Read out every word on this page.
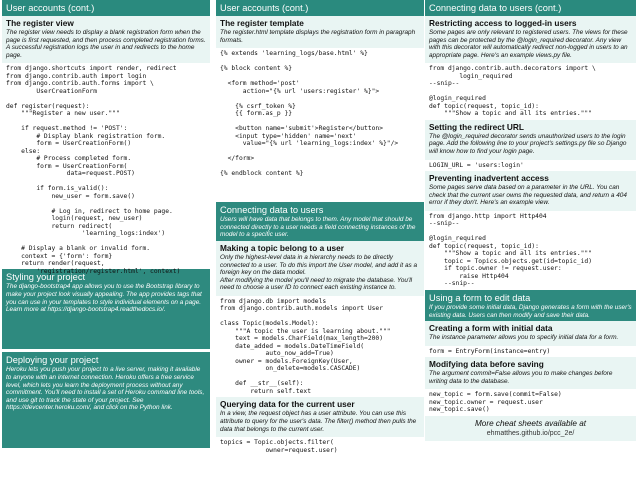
User accounts (cont.)
The register view
The register view needs to display a blank registration form when the page is first requested, and then process completed registration forms. A successful registration logs the user in and redirects to the home page.
from django.shortcuts import render, redirect
from django.contrib.auth import login
from django.contrib.auth.forms import \
UserCreationForm

def register(request):
"""Register a new user."""

if request.method != 'POST':
# Display blank registration form.
form = UserCreationForm()
else:
# Process completed form.
form = UserCreationForm(
data=request.POST)

if form.is_valid():
new_user = form.save()

# Log in, redirect to home page.
login(request, new_user)
return redirect(
'learning_logs:index')

# Display a blank or invalid form.
context = {'form': form}
return render(request,
'registration/register.html', context)
Styling your project
The django-bootstrap4 app allows you to use the Bootstrap library to make your project look visually appealing. The app provides tags that you can use in your templates to style individual elements on a page. Learn more at https://django-bootstrap4.readthedocs.io/.
Deploying your project
Heroku lets you push your project to a live server, making it available to anyone with an internet connection. Heroku offers a free service level, which lets you learn the deployment process without any commitment. You'll need to install a set of Heroku command line tools, and use git to track the state of your project. See https://devcenter.heroku.com/, and click on the Python link.
User accounts (cont.)
The register template
The register.html template displays the registration form in paragraph formats.
{% extends 'learning_logs/base.html' %}

{% block content %}

<form method='post'
action="{% url 'users:register' %}">

{% csrf_token %}
{{ form.as_p }}

<button name='submit'>Register</button>
<input type='hidden' name='next'
value="{% url 'learning_logs:index' %}"/>

</form>

{% endblock content %}
Connecting data to users
Users will have data that belongs to them. Any model that should be connected directly to a user needs a field connecting instances of the model to a specific user.
Making a topic belong to a user
Only the highest-level data in a hierarchy needs to be directly connected to a user. To do this import the User model, and add it as a foreign key on the data model.
After modifying the model you'll need to migrate the database. You'll need to choose a user ID to connect each existing instance to.
from django.db import models
from django.contrib.auth.models import User

class Topic(models.Model):
"""A topic the user is learning about."""
text = models.CharField(max_length=200)
date_added = models.DateTimeField(
auto_now_add=True)
owner = models.ForeignKey(User,
on_delete=models.CASCADE)

def __str__(self):
return self.text
Querying data for the current user
In a view, the request object has a user attribute. You can use this attribute to query for the user's data. The filter() method then pulls the data that belongs to the current user.
topics = Topic.objects.filter(
owner=request.user)
Connecting data to users (cont.)
Restricting access to logged-in users
Some pages are only relevant to registered users. The views for these pages can be protected by the @login_required decorator. Any view with this decorator will automatically redirect non-logged in users to an appropriate page. Here's an example views.py file.
from django.contrib.auth.decorators import \
login_required
--snip--

@login_required
def topic(request, topic_id):
"""Show a topic and all its entries."""
Setting the redirect URL
The @login_required decorator sends unauthorized users to the login page. Add the following line to your project's settings.py file so Django will know how to find your login page.
LOGIN_URL = 'users:login'
Preventing inadvertent access
Some pages serve data based on a parameter in the URL. You can check that the current user owns the requested data, and return a 404 error if they don't. Here's an example view.
from django.http import Http404
--snip--

@login_required
def topic(request, topic_id):
"""Show a topic and all its entries."""
topic = Topics.objects.get(id=topic_id)
if topic.owner != request.user:
raise Http404
--snip--
Using a form to edit data
If you provide some initial data, Django generates a form with the user's existing data. Users can then modify and save their data.
Creating a form with initial data
The instance parameter allows you to specify initial data for a form.
form = EntryForm(instance=entry)
Modifying data before saving
The argument commit=False allows you to make changes before writing data to the database.
new_topic = form.save(commit=False)
new_topic.owner = request.user
new_topic.save()
More cheat sheets available at
ehmatthes.github.io/pcc_2e/
